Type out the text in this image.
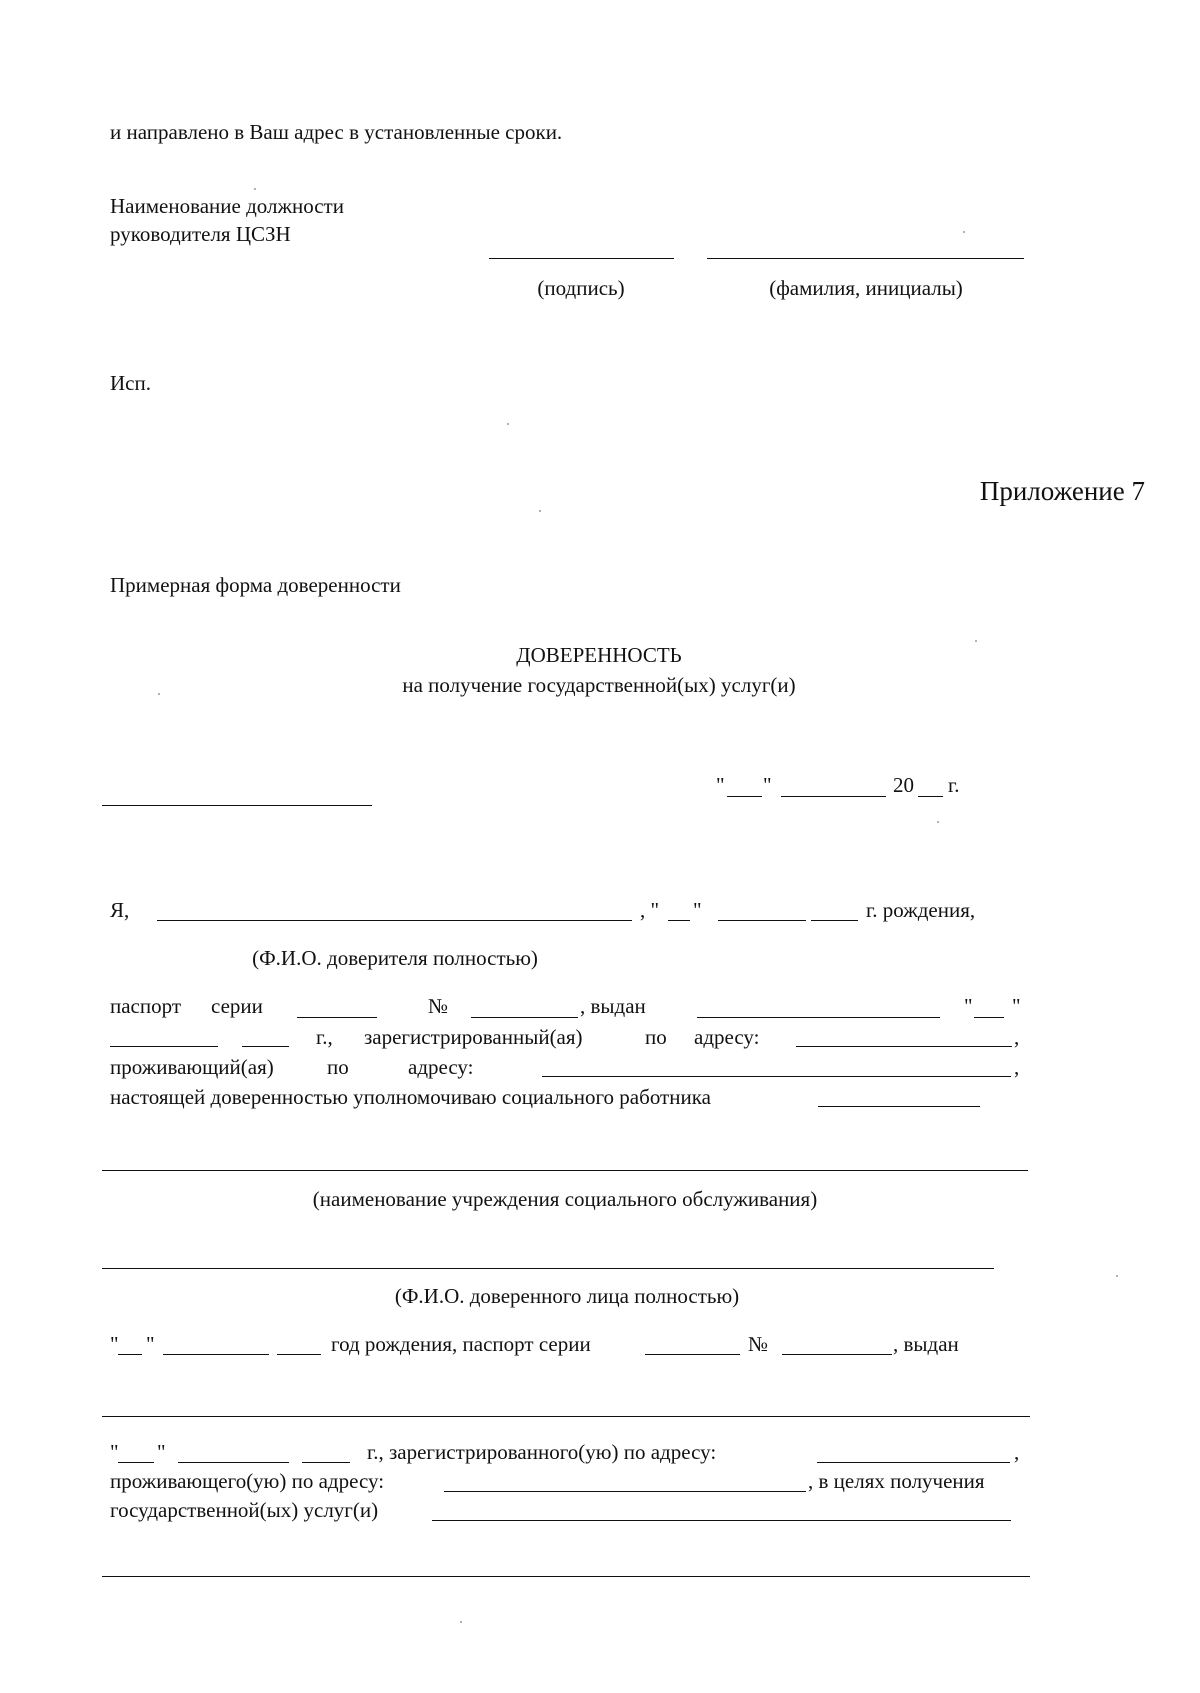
и направлено в Ваш адрес в установленные сроки.
Наименование должности
руководителя ЦСЗН
(подпись)	(фамилия, инициалы)
Исп.
Приложение 7
Примерная форма доверенности
ДОВЕРЕННОСТЬ
на получение государственной(ых) услуг(и)
" "	20 г.
Я,	, " "	г. рождения,
(Ф.И.О. доверителя полностью)
паспорт серии	№	, выдан	" "
г., зарегистрированный(ая)	по адресу:	,
проживающий(ая)	по	адресу:	,
настоящей доверенностью уполномочиваю социального работника
(наименование учреждения социального обслуживания)
(Ф.И.О. доверенного лица полностью)
" "	год рождения, паспорт серии	№	, выдан
" "	г., зарегистрированного(ую) по адресу:	,
проживающего(ую) по адресу:	, в целях получения
государственной(ых) услуг(и)
